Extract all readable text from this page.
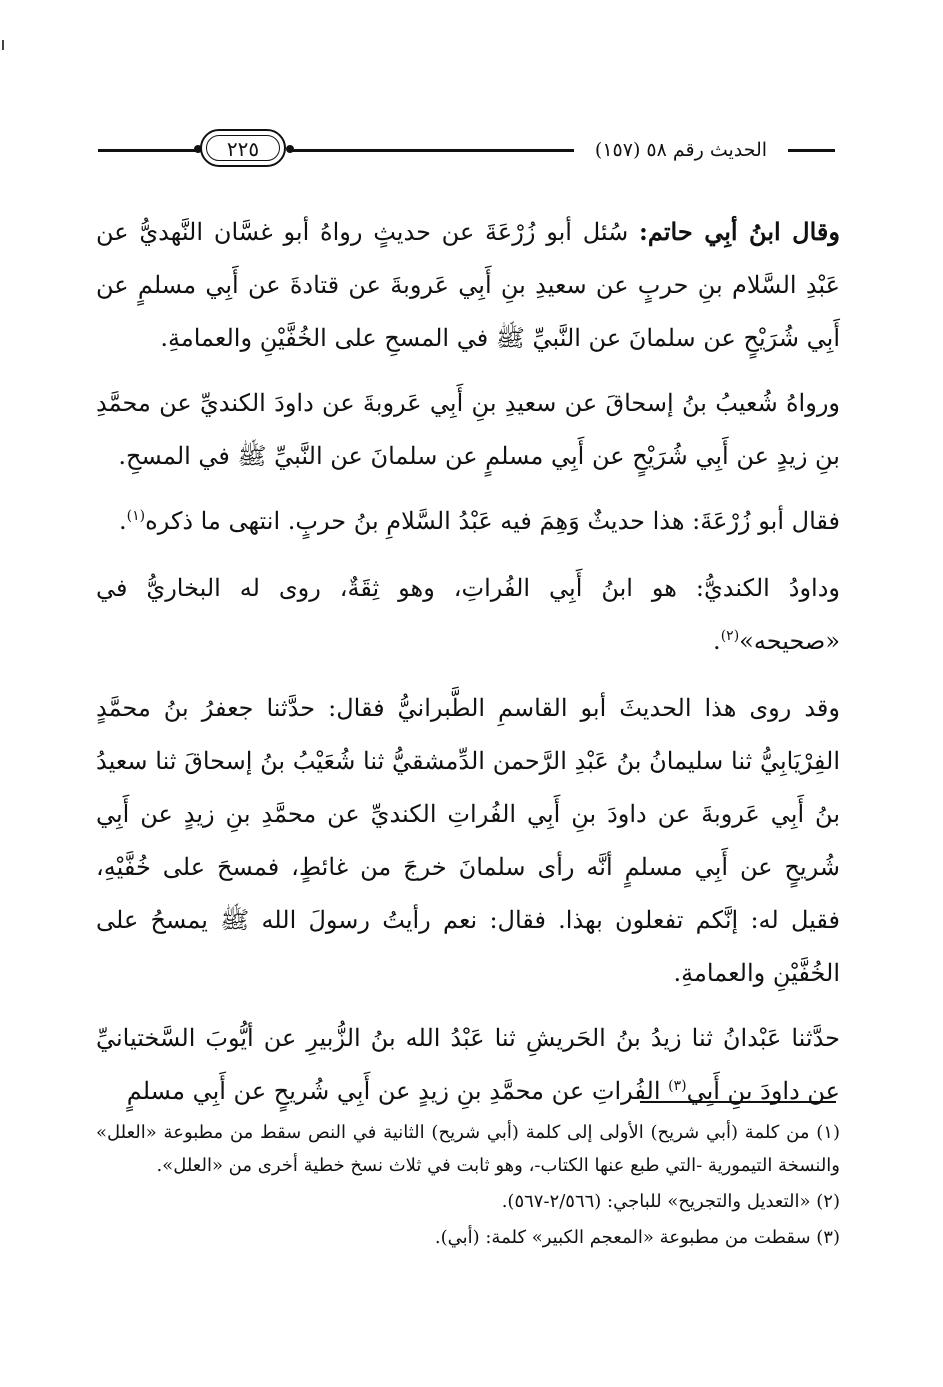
٢٢٥	الحديث رقم ٥٨ (١٥٧)

وقال ابنُ أبِي حاتم: سُئل أبو زُرْعَةَ عن حديثٍ رواهُ أبو غسَّان النَّهديُّ عن عَبْدِ السَّلام بنِ حربٍ عن سعيدِ بنِ أَبِي عَروبةَ عن قتادةَ عن أَبِي مسلمٍ عن أَبِي شُرَيْحٍ عن سلمانَ عن النَّبيِّ ﷺ في المسحِ على الخُفَّيْنِ والعمامةِ.

ورواهُ شُعيبُ بنُ إسحاقَ عن سعيدِ بنِ أَبِي عَروبةَ عن داودَ الكنديِّ عن محمَّدِ بنِ زيدٍ عن أَبِي شُرَيْحٍ عن أَبِي مسلمٍ عن سلمانَ عن النَّبيِّ ﷺ في المسحِ.

فقال أبو زُرْعَةَ: هذا حديثٌ وَهِمَ فيه عَبْدُ السَّلامِ بنُ حربٍ. انتهى ما ذكره$^{(١)}$.

وداودُ الكنديُّ: هو ابنُ أَبِي الفُراتِ، وهو ثِقَةٌ، روى له البخاريُّ في «صحيحه»$^{(٢)}$.

وقد روى هذا الحديثَ أبو القاسمِ الطَّبرانيُّ فقال: حدَّثنا جعفرُ بنُ محمَّدٍ الفِرْيَابِيُّ ثنا سليمانُ بنُ عَبْدِ الرَّحمن الدِّمشقيُّ ثنا شُعَيْبُ بنُ إسحاقَ ثنا سعيدُ بنُ أَبِي عَروبةَ عن داودَ بنِ أَبِي الفُراتِ الكنديِّ عن محمَّدِ بنِ زيدٍ عن أَبِي شُريحٍ عن أَبِي مسلمٍ أنَّه رأى سلمانَ خرجَ من غائطٍ، فمسحَ على خُفَّيْهِ، فقيل له: إنَّكم تفعلون بهذا. فقال: نعم رأيتُ رسولَ الله ﷺ يمسحُ على الخُفَّيْنِ والعمامةِ.

حدَّثنا عَبْدانُ ثنا زيدُ بنُ الحَريشِ ثنا عَبْدُ الله بنُ الزُّبيرِ عن أيُّوبَ السَّختيانيِّ عن داودَ بنِ أَبِي$^{(٣)}$ الفُراتِ عن محمَّدِ بنِ زيدٍ عن أَبِي شُريحٍ عن أَبِي مسلمٍ

(١) من كلمة (أبي شريح) الأولى إلى كلمة (أبي شريح) الثانية في النص سقط من مطبوعة «العلل» والنسخة التيمورية -التي طبع عنها الكتاب-، وهو ثابت في ثلاث نسخ خطية أخرى من «العلل».

(٢) «التعديل والتجريح» للباجي: (٢/٥٦٦-٥٦٧).

(٣) سقطت من مطبوعة «المعجم الكبير» كلمة: (أبي).
